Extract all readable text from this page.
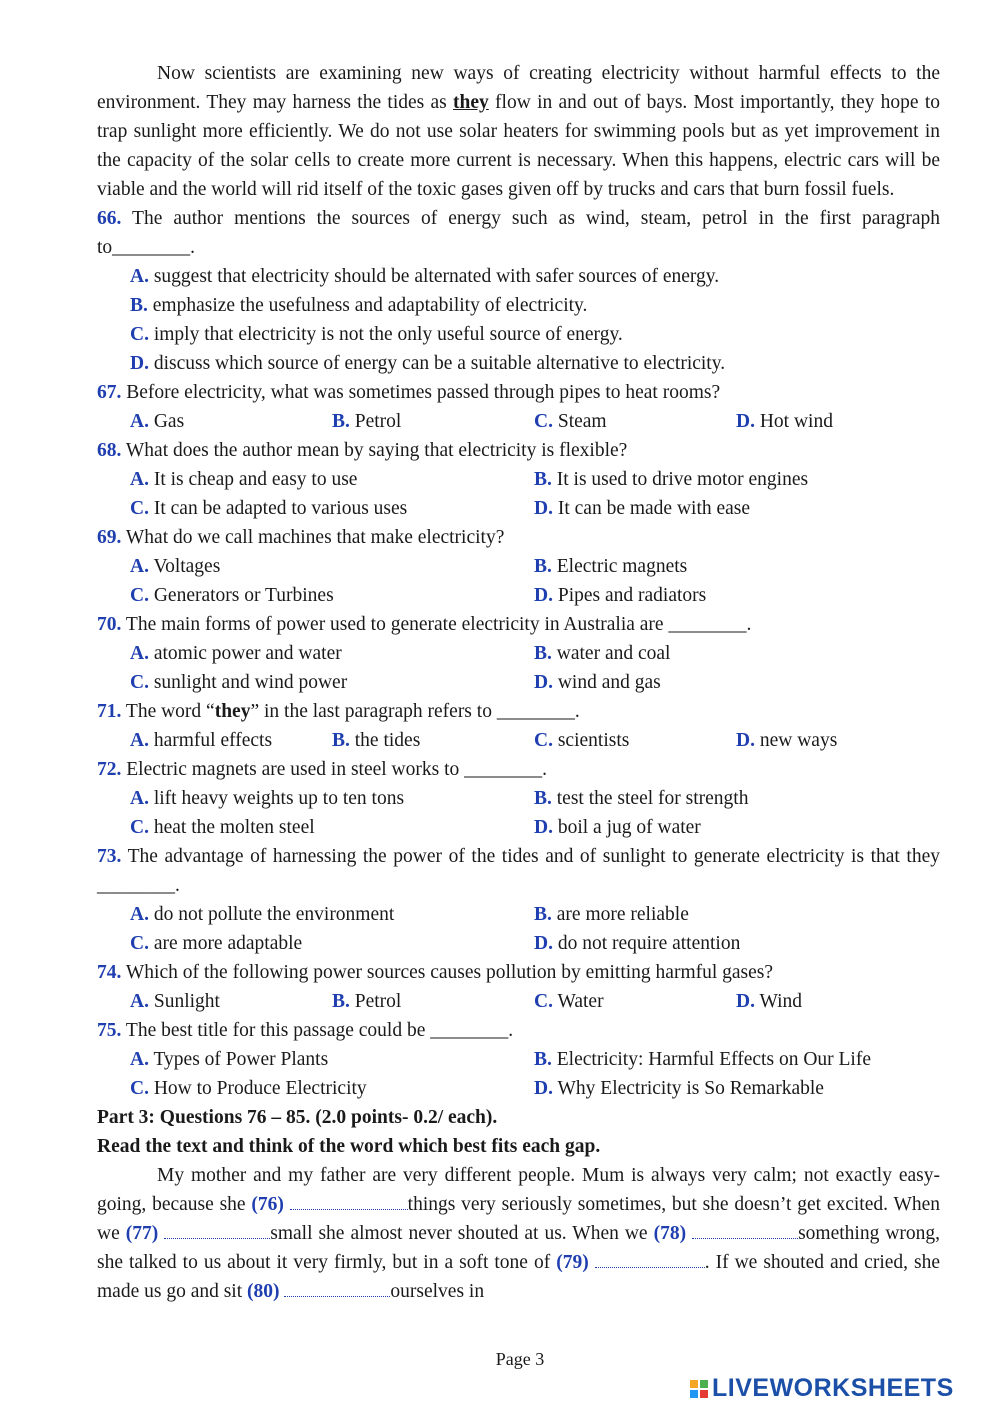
Now scientists are examining new ways of creating electricity without harmful effects to the environment. They may harness the tides as they flow in and out of bays. Most importantly, they hope to trap sunlight more efficiently. We do not use solar heaters for swimming pools but as yet improvement in the capacity of the solar cells to create more current is necessary. When this happens, electric cars will be viable and the world will rid itself of the toxic gases given off by trucks and cars that burn fossil fuels.
66. The author mentions the sources of energy such as wind, steam, petrol in the first paragraph to________.
A. suggest that electricity should be alternated with safer sources of energy.
B. emphasize the usefulness and adaptability of electricity.
C. imply that electricity is not the only useful source of energy.
D. discuss which source of energy can be a suitable alternative to electricity.
67. Before electricity, what was sometimes passed through pipes to heat rooms?
A. Gas	B. Petrol	C. Steam	D. Hot wind
68. What does the author mean by saying that electricity is flexible?
A. It is cheap and easy to use	B. It is used to drive motor engines
C. It can be adapted to various uses	D. It can be made with ease
69. What do we call machines that make electricity?
A. Voltages	B. Electric magnets
C. Generators or Turbines	D. Pipes and radiators
70. The main forms of power used to generate electricity in Australia are ________.
A. atomic power and water	B. water and coal
C. sunlight and wind power	D. wind and gas
71. The word “they” in the last paragraph refers to ________.
A. harmful effects	B. the tides	C. scientists	D. new ways
72. Electric magnets are used in steel works to ________.
A. lift heavy weights up to ten tons	B. test the steel for strength
C. heat the molten steel	D. boil a jug of water
73. The advantage of harnessing the power of the tides and of sunlight to generate electricity is that they ________.
A. do not pollute the environment	B. are more reliable
C. are more adaptable	D. do not require attention
74. Which of the following power sources causes pollution by emitting harmful gases?
A. Sunlight	B. Petrol	C. Water	D. Wind
75. The best title for this passage could be ________.
A. Types of Power Plants	B. Electricity: Harmful Effects on Our Life
C. How to Produce Electricity	D. Why Electricity is So Remarkable
Part 3: Questions 76 – 85. (2.0 points- 0.2/ each).
Read the text and think of the word which best fits each gap.
My mother and my father are very different people. Mum is always very calm; not exactly easy-going, because she (76)	things very seriously sometimes, but she doesn’t get excited. When we (77)	small she almost never shouted at us. When we (78)	something wrong, she talked to us about it very firmly, but in a soft tone of (79)	. If we shouted and cried, she made us go and sit (80)	ourselves in
Page 3
LIVEWORKSHEETS
